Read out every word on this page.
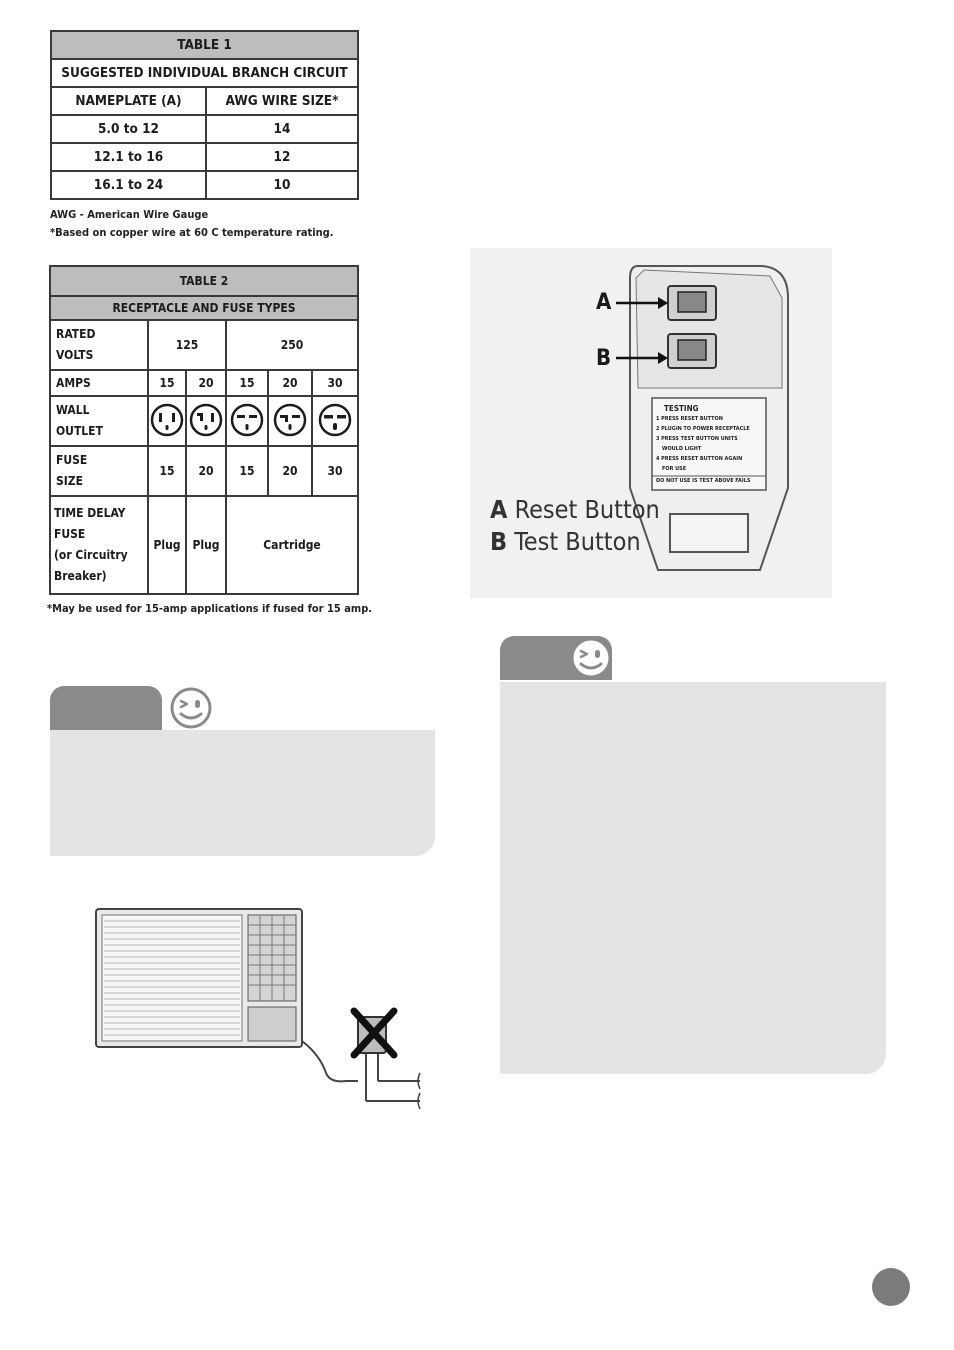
TABLE 1	
SUGGESTED INDIVIDUAL BRANCH CIRCUIT	
NAMEPLATE (A)	AWG WIRE SIZE*
5.0 to 12	14
12.1 to 16	12
16.1 to 24	10
AWG - American Wire Gauge
*Based on copper wire at 60 C temperature rating.
TABLE 2					
RECEPTACLE AND FUSE TYPES					

RATED
VOLTS	125		250		
AMPS	15	20	15	20	30

WALL
OUTLET

FUSE
SIZE	15	20	15	20	30

TIME DELAY
FUSE
(or Circuitry
Breaker)	Plug	Plug	Cartridge		
*May be used for 15-amp applications if fused for 15 amp.
A
B
TESTING
1 PRESS RESET BUTTON
2 PLUGIN TO POWER RECEPTACLE
3 PRESS TEST BUTTON UNITS
WOULD LIGHT
4 PRESS RESET BUTTON AGAIN
FOR USE
DO NOT USE IS TEST ABOVE FAILS
A Reset Button
B Test Button
